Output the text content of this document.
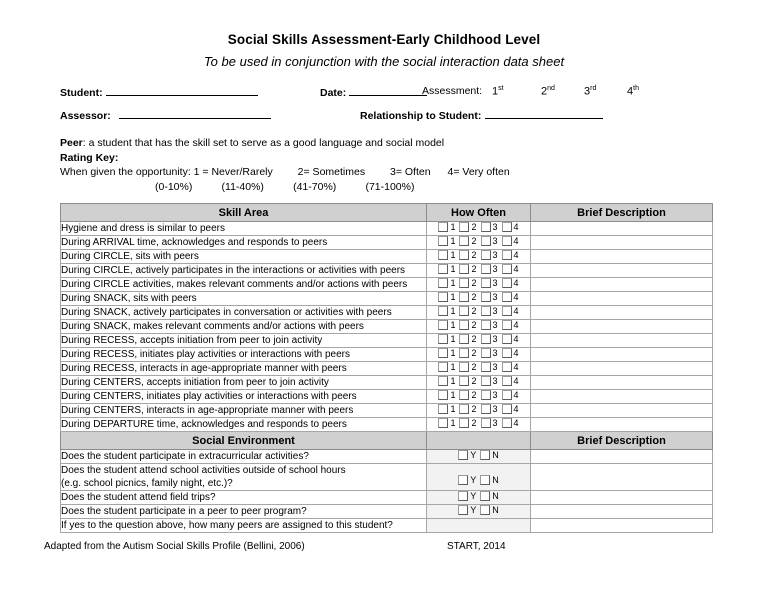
Social Skills Assessment-Early Childhood Level
To be used in conjunction with the social interaction data sheet
Student:	Date:	Assessment: 1st	2nd	3rd	4th
Assessor:	Relationship to Student:
Peer: a student that has the skill set to serve as a good language and social model
Rating Key:
When given the opportunity: 1 = Never/Rarely 2= Sometimes 3= Often 4= Very often
(0-10%)          (11-40%)          (41-70%)          (71-100%)
Skill Area	How Often	Brief Description
Hygiene and dress is similar to peers	1 2 3 4	

During ARRIVAL time, acknowledges and responds to peers	1 2 3 4	

During CIRCLE, sits with peers	1 2 3 4	

During CIRCLE, actively participates in the interactions or activities with peers	1 2 3 4	

During CIRCLE activities, makes relevant comments and/or actions with peers	1 2 3 4	

During SNACK, sits with peers	1 2 3 4	

During SNACK, actively participates in conversation or activities with peers	1 2 3 4	

During SNACK, makes relevant comments and/or actions with peers	1 2 3 4	

During RECESS, accepts initiation from peer to join activity	1 2 3 4	

During RECESS, initiates play activities or interactions with peers	1 2 3 4	

During RECESS, interacts in age-appropriate manner with peers	1 2 3 4	

During CENTERS, accepts initiation from peer to join activity	1 2 3 4	

During CENTERS, initiates play activities or interactions with peers	1 2 3 4	

During CENTERS, interacts in age-appropriate manner with peers	1 2 3 4	

During DEPARTURE time, acknowledges and responds to peers	1 2 3 4	

Social Environment		Brief Description
Does the student participate in extracurricular activities?	Y N	

Does the student attend school activities outside of school hours
(e.g. school picnics, family night, etc.)?	Y N	

Does the student attend field trips?	Y N	

Does the student participate in a peer to peer program?	Y N	

If yes to the question above, how many peers are assigned to this student?		
Adapted from the Autism Social Skills Profile (Bellini, 2006)	START, 2014
